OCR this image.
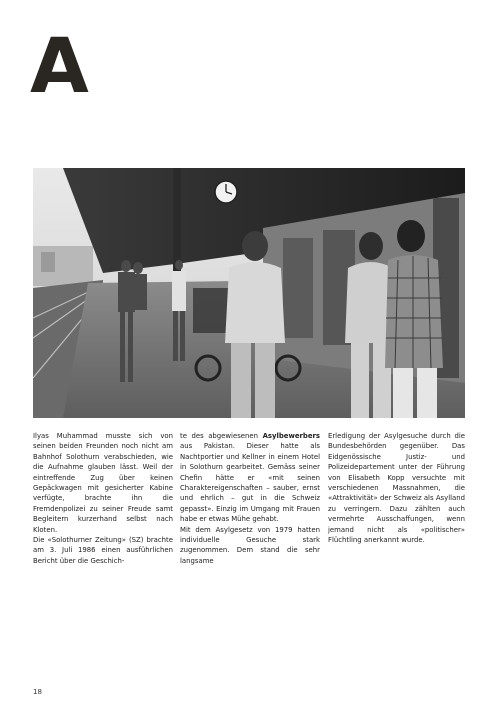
A

Ilyas Muhammad musste sich von seinen beiden Freunden noch nicht am Bahnhof Solothurn verabschieden, wie die Aufnahme glauben lässt. Weil der eintreffende Zug über keinen Gepäckwagen mit gesicherter Kabine verfügte, brachte ihn die Fremdenpolizei zu seiner Freude samt Begleitern kurzerhand selbst nach Kloten.

Die «Solothurner Zeitung» (SZ) brachte am 3. Juli 1986 einen ausführlichen Bericht über die Geschich-

te des abgewiesenen Asylbewerbers aus Pakistan. Dieser hatte als Nachtportier und Kellner in einem Hotel in Solothurn gearbeitet. Gemäss seiner Chefin hätte er «mit seinen Charaktereigenschaften – sauber, ernst und ehrlich – gut in die Schweiz gepasst». Einzig im Umgang mit Frauen habe er etwas Mühe gehabt.

Mit dem Asylgesetz von 1979 hatten individuelle Gesuche stark zugenommen. Dem stand die sehr langsame

Erledigung der Asylgesuche durch die Bundesbehörden gegenüber. Das Eidgenössische Justiz- und Polizeidepartement unter der Führung von Elisabeth Kopp versuchte mit verschiedenen Massnahmen, die «Attraktivität» der Schweiz als Asylland zu verringern. Dazu zählten auch vermehrte Ausschaffungen, wenn jemand nicht als «politischer» Flüchtling anerkannt wurde.

18
